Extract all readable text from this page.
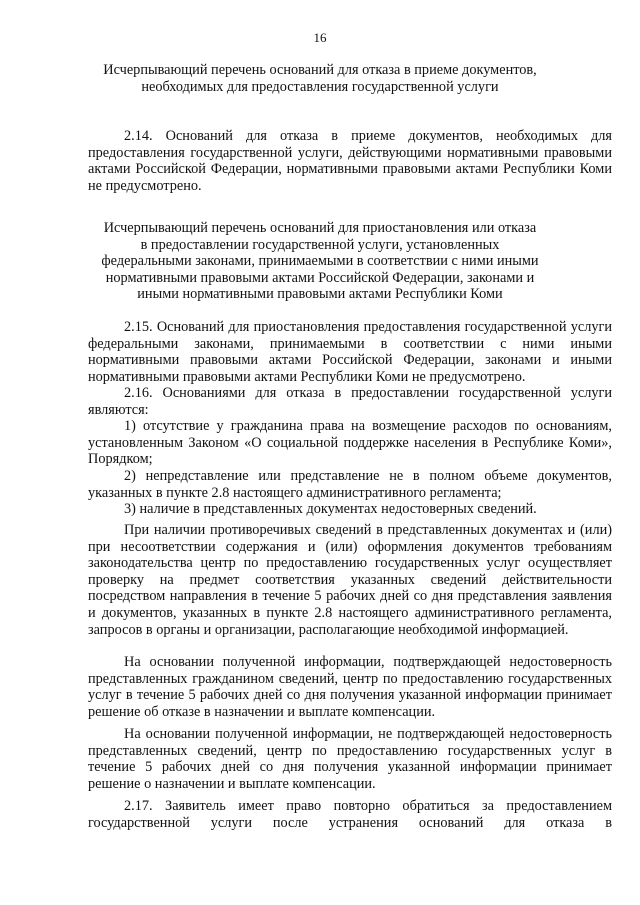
16
Исчерпывающий перечень оснований для отказа в приеме документов, необходимых для предоставления государственной услуги

2.14. Оснований для отказа в приеме документов, необходимых для предоставления государственной услуги, действующими нормативными правовыми актами Российской Федерации, нормативными правовыми актами Республики Коми не предусмотрено.

Исчерпывающий перечень оснований для приостановления или отказа в предоставлении государственной услуги, установленных федеральными законами, принимаемыми в соответствии с ними иными нормативными правовыми актами Российской Федерации, законами и иными нормативными правовыми актами Республики Коми

2.15. Оснований для приостановления предоставления государственной услуги федеральными законами, принимаемыми в соответствии с ними иными нормативными правовыми актами Российской Федерации, законами и иными нормативными правовыми актами Республики Коми не предусмотрено.

2.16. Основаниями для отказа в предоставлении государственной услуги являются:

1) отсутствие у гражданина права на возмещение расходов по основаниям, установленным Законом «О социальной поддержке населения в Республике Коми», Порядком;

2) непредставление или представление не в полном объеме документов, указанных в пункте 2.8 настоящего административного регламента;

3) наличие в представленных документах недостоверных сведений.

При наличии противоречивых сведений в представленных документах и (или) при несоответствии содержания и (или) оформления документов требованиям законодательства центр по предоставлению государственных услуг осуществляет проверку на предмет соответствия указанных сведений действительности посредством направления в течение 5 рабочих дней со дня представления заявления и документов, указанных в пункте 2.8 настоящего административного регламента, запросов в органы и организации, располагающие необходимой информацией.

На основании полученной информации, подтверждающей недостоверность представленных гражданином сведений, центр по предоставлению государственных услуг в течение 5 рабочих дней со дня получения указанной информации принимает решение об отказе в назначении и выплате компенсации.

На основании полученной информации, не подтверждающей недостоверность представленных сведений, центр по предоставлению государственных услуг в течение 5 рабочих дней со дня получения указанной информации принимает решение о назначении и выплате компенсации.

2.17. Заявитель имеет право повторно обратиться за предоставлением государственной услуги после устранения оснований для отказа в
